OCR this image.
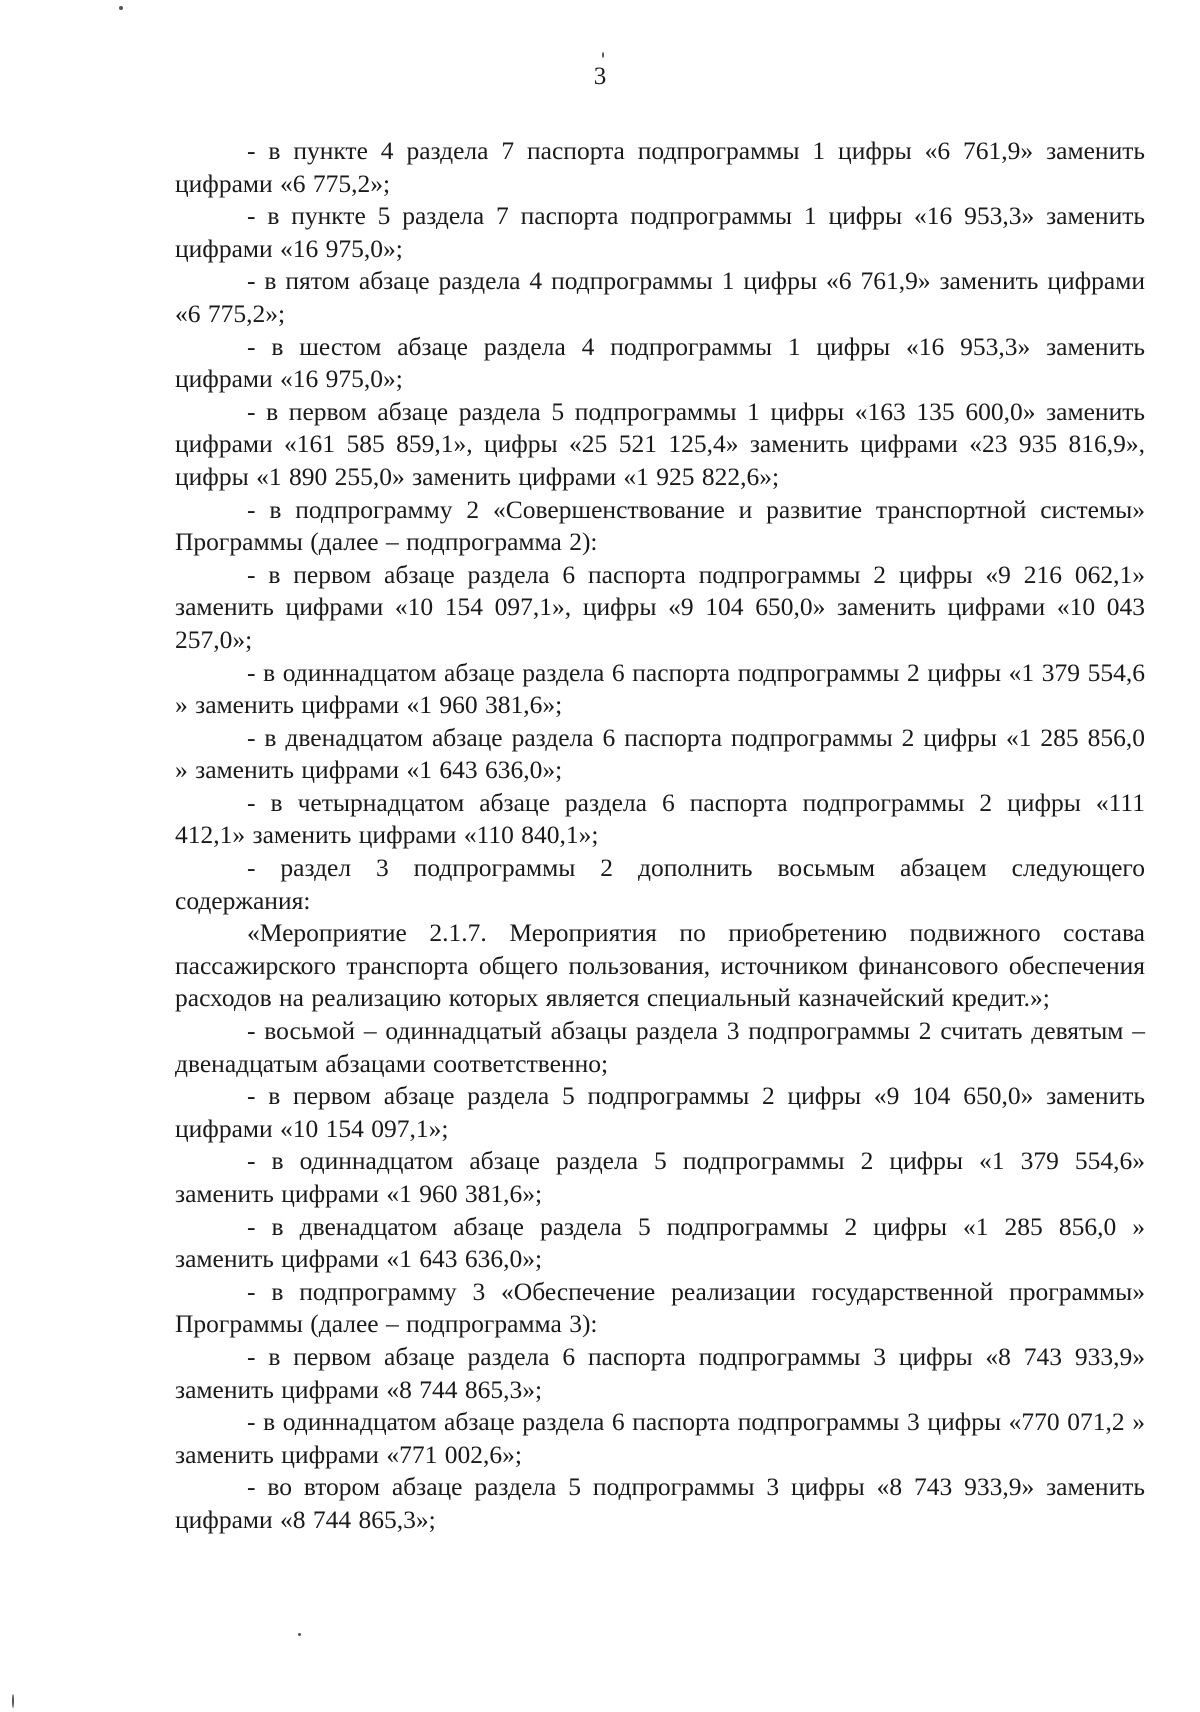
3

- в пункте 4 раздела 7 паспорта подпрограммы 1 цифры «6 761,9» заменить цифрами «6 775,2»;

- в пункте 5 раздела 7 паспорта подпрограммы 1 цифры «16 953,3» заменить цифрами «16 975,0»;

- в пятом абзаце раздела 4 подпрограммы 1 цифры «6 761,9» заменить цифрами «6 775,2»;

- в шестом абзаце раздела 4 подпрограммы 1 цифры «16 953,3» заменить цифрами «16 975,0»;

- в первом абзаце раздела 5 подпрограммы 1 цифры «163 135 600,0» заменить цифрами «161 585 859,1», цифры «25 521 125,4» заменить цифрами «23 935 816,9», цифры «1 890 255,0» заменить цифрами «1 925 822,6»;

- в подпрограмму 2 «Совершенствование и развитие транспортной системы» Программы (далее – подпрограмма 2):

- в первом абзаце раздела 6 паспорта подпрограммы 2 цифры «9 216 062,1» заменить цифрами «10 154 097,1», цифры «9 104 650,0» заменить цифрами «10 043 257,0»;

- в одиннадцатом абзаце раздела 6 паспорта подпрограммы 2 цифры «1 379 554,6 » заменить цифрами «1 960 381,6»;

- в двенадцатом абзаце раздела 6 паспорта подпрограммы 2 цифры «1 285 856,0 » заменить цифрами «1 643 636,0»;

- в четырнадцатом абзаце раздела 6 паспорта подпрограммы 2 цифры «111 412,1» заменить цифрами «110 840,1»;

- раздел 3 подпрограммы 2 дополнить восьмым абзацем следующего содержания:

«Мероприятие 2.1.7. Мероприятия по приобретению подвижного состава пассажирского транспорта общего пользования, источником финансового обеспечения расходов на реализацию которых является специальный казначейский кредит.»;

- восьмой – одиннадцатый абзацы раздела 3 подпрограммы 2 считать девятым – двенадцатым абзацами соответственно;

- в первом абзаце раздела 5 подпрограммы 2 цифры «9 104 650,0» заменить цифрами «10 154 097,1»;

- в одиннадцатом абзаце раздела 5 подпрограммы 2 цифры «1 379 554,6» заменить цифрами «1 960 381,6»;

- в двенадцатом абзаце раздела 5 подпрограммы 2 цифры «1 285 856,0 » заменить цифрами «1 643 636,0»;

- в подпрограмму 3 «Обеспечение реализации государственной программы» Программы (далее – подпрограмма 3):

- в первом абзаце раздела 6 паспорта подпрограммы 3 цифры «8 743 933,9» заменить цифрами «8 744 865,3»;

- в одиннадцатом абзаце раздела 6 паспорта подпрограммы 3 цифры «770 071,2 » заменить цифрами «771 002,6»;

- во втором абзаце раздела 5 подпрограммы 3 цифры «8 743 933,9» заменить цифрами «8 744 865,3»;
